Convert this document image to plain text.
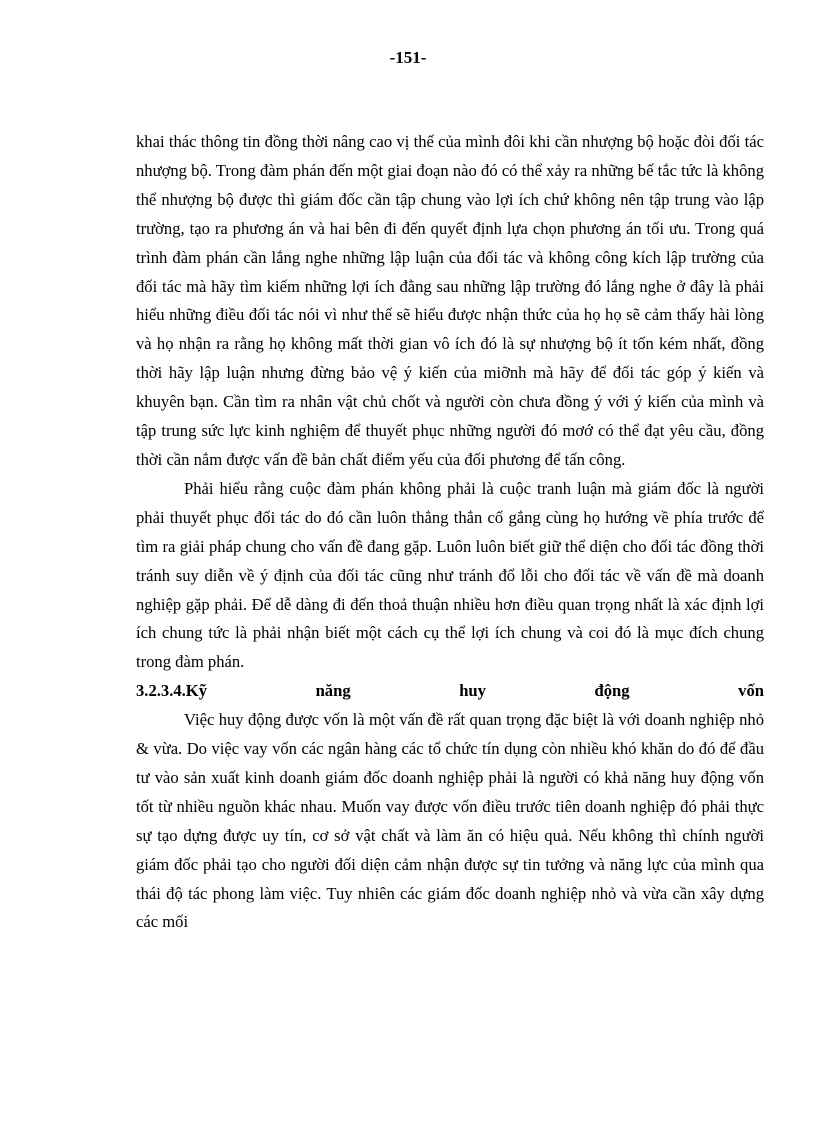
-151-

khai thác thông tin đồng thời nâng cao vị thế của mình đôi khi cần nhượng bộ hoặc đòi đối tác nhượng bộ. Trong đàm phán đến một giai đoạn nào đó có thể xảy ra những bế tắc tức là không thể nhượng bộ được thì giám đốc cần tập chung vào lợi ích chứ không nên tập trung vào lập trường, tạo ra phương án và hai bên đi đến quyết định lựa chọn phương án tối ưu. Trong quá trình đàm phán cần lắng nghe những lập luận của đối tác và không công kích lập trường của đối tác mà hãy tìm kiếm những lợi ích đằng sau những lập trường đó lắng nghe ở đây là phải hiểu những điều đối tác nói vì như thế sẽ hiểu được nhận thức của họ họ sẽ cảm thấy hài lòng và họ nhận ra rằng họ không mất thời gian vô ích đó là sự nhượng bộ ít tốn kém nhất, đồng thời hãy lập luận nhưng đừng bảo vệ ý kiến của miỡnh mà hãy để đối tác góp ý kiến và khuyên bạn. Cần tìm ra nhân vật chủ chốt và người còn chưa đồng ý với ý kiến của mình và tập trung sức lực kinh nghiệm để thuyết phục những người đó mơớ có thể đạt yêu cầu, đồng thời cần nắm được vấn đề bản chất điểm yếu của đối phương để tấn công.

Phải hiểu rằng cuộc đàm phán không phải là cuộc tranh luận mà giám đốc là người phải thuyết phục đối tác do đó cần luôn thẳng thắn cố gắng cùng họ hướng về phía trước để tìm ra giải pháp chung cho vấn đề đang gặp. Luôn luôn biết giữ thể diện cho đối tác đồng thời tránh suy diễn về ý định của đối tác cũng như tránh đổ lỗi cho đối tác về vấn đề mà doanh nghiệp gặp phải. Để dễ dàng đi đến thoả thuận nhiều hơn điều quan trọng nhất là xác định lợi ích chung tức là phải nhận biết một cách cụ thể lợi ích chung và coi đó là mục đích chung trong đàm phán.

3.2.3.4.Kỹ	năng	huy	động	vốn

Việc huy động được vốn là một vấn đề rất quan trọng đặc biệt là với doanh nghiệp nhỏ & vừa. Do việc vay vốn các ngân hàng các tổ chức tín dụng còn nhiều khó khăn do đó để đầu tư vào sản xuất kinh doanh giám đốc doanh nghiệp phải là người có khả năng huy động vốn tốt từ nhiều nguồn khác nhau. Muốn vay được vốn điều trước tiên doanh nghiệp đó phải thực sự tạo dựng được uy tín, cơ sở vật chất và làm ăn có hiệu quả. Nếu không thì chính người giám đốc phải tạo cho người đối diện cảm nhận được sự tin tưởng và năng lực của mình qua thái độ tác phong làm việc. Tuy nhiên các giám đốc doanh nghiệp nhỏ và vừa cần xây dựng các mối
